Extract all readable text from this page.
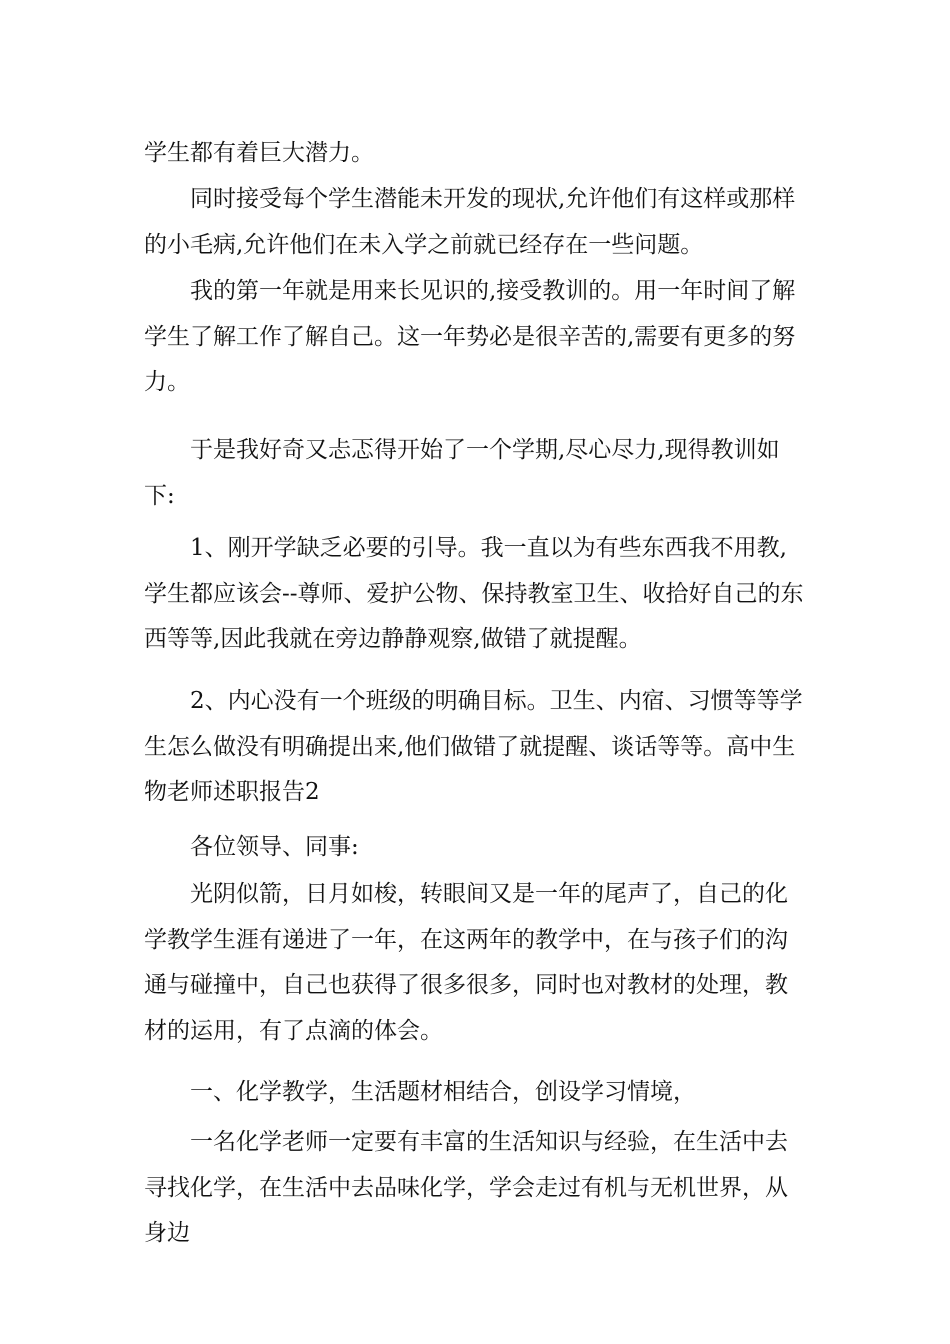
学生都有着巨大潜力。

同时接受每个学生潜能未开发的现状,允许他们有这样或那样的小毛病,允许他们在未入学之前就已经存在一些问题。

我的第一年就是用来长见识的,接受教训的。用一年时间了解学生了解工作了解自己。这一年势必是很辛苦的,需要有更多的努力。

于是我好奇又忐忑得开始了一个学期,尽心尽力,现得教训如下:

1、刚开学缺乏必要的引导。我一直以为有些东西我不用教,学生都应该会--尊师、爱护公物、保持教室卫生、收拾好自己的东西等等,因此我就在旁边静静观察,做错了就提醒。

2、内心没有一个班级的明确目标。卫生、内宿、习惯等等学生怎么做没有明确提出来,他们做错了就提醒、谈话等等。高中生物老师述职报告2

各位领导、同事:

光阴似箭，日月如梭，转眼间又是一年的尾声了，自己的化学教学生涯有递进了一年，在这两年的教学中，在与孩子们的沟通与碰撞中，自己也获得了很多很多，同时也对教材的处理，教材的运用，有了点滴的体会。

一、化学教学，生活题材相结合，创设学习情境，

一名化学老师一定要有丰富的生活知识与经验，在生活中去寻找化学，在生活中去品味化学，学会走过有机与无机世界，从身边
